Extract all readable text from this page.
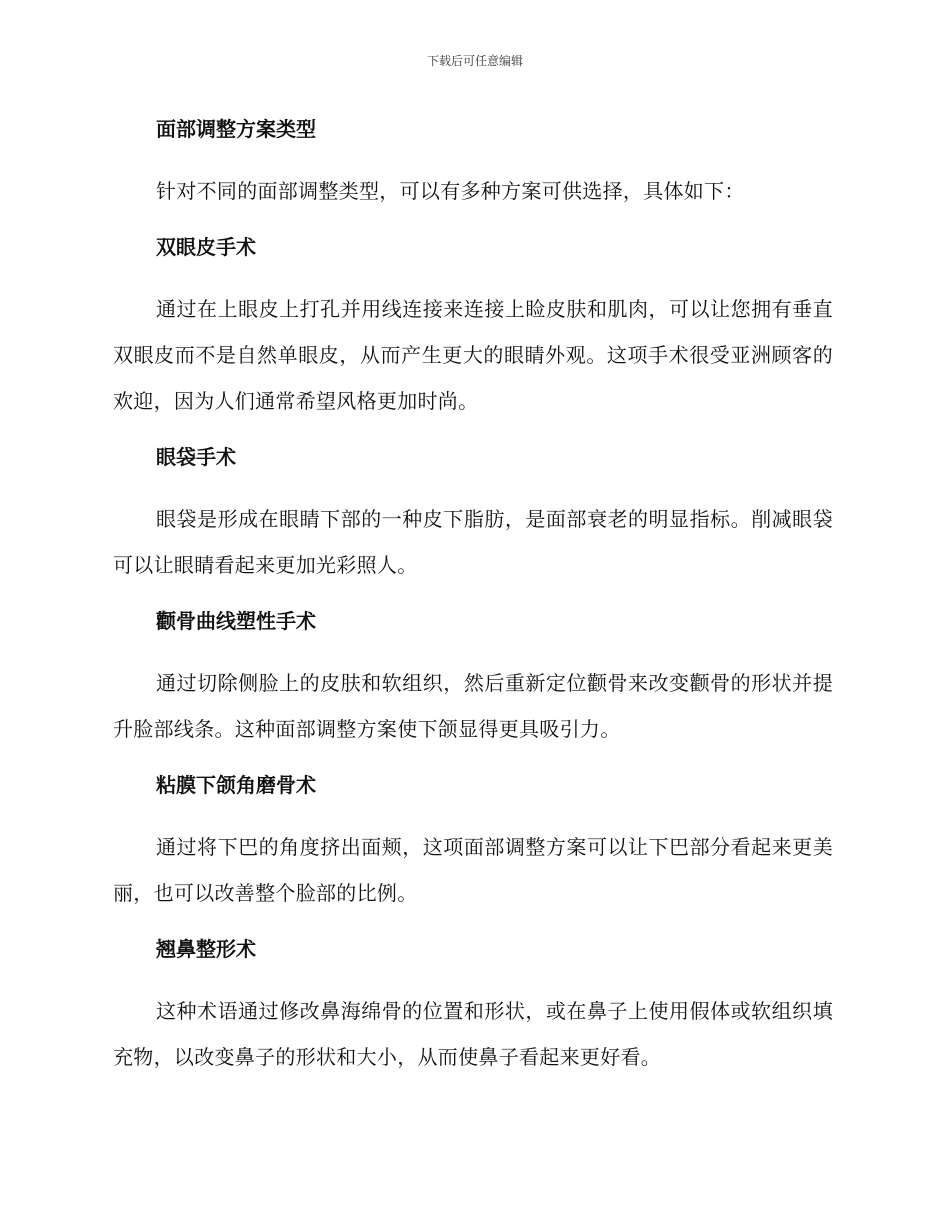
下载后可任意编辑
面部调整方案类型

针对不同的面部调整类型，可以有多种方案可供选择，具体如下：

双眼皮手术

通过在上眼皮上打孔并用线连接来连接上睑皮肤和肌肉，可以让您拥有垂直双眼皮而不是自然单眼皮，从而产生更大的眼睛外观。这项手术很受亚洲顾客的欢迎，因为人们通常希望风格更加时尚。

眼袋手术

眼袋是形成在眼睛下部的一种皮下脂肪，是面部衰老的明显指标。削减眼袋可以让眼睛看起来更加光彩照人。

颧骨曲线塑性手术

通过切除侧脸上的皮肤和软组织，然后重新定位颧骨来改变颧骨的形状并提升脸部线条。这种面部调整方案使下颌显得更具吸引力。

粘膜下颌角磨骨术

通过将下巴的角度挤出面颊，这项面部调整方案可以让下巴部分看起来更美丽，也可以改善整个脸部的比例。

翘鼻整形术

这种术语通过修改鼻海绵骨的位置和形状，或在鼻子上使用假体或软组织填充物，以改变鼻子的形状和大小，从而使鼻子看起来更好看。
